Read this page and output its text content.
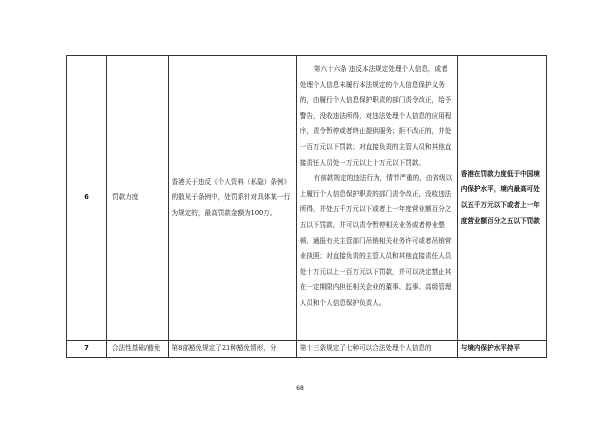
6	罚款力度	香港关于违反《个人资料（私隐）条例》的散见于条例中，处罚系针对具体某一行为规定的，最高罚款金额为100万。	第六十六条 违反本法规定处理个人信息，或者处理个人信息未履行本法规定的个人信息保护义务的，由履行个人信息保护职责的部门责令改正，给予警告，没收违法所得，对违法处理个人信息的应用程序，责令暂停或者终止提供服务；拒不改正的，并处一百万元以下罚款；对直接负责的主管人员和其他直接责任人员处一万元以上十万元以下罚款。
有前款规定的违法行为，情节严重的，由省级以上履行个人信息保护职责的部门责令改正，没收违法所得，并处五千万元以下或者上一年度营业额百分之五以下罚款，并可以责令暂停相关业务或者停业整顿、通报有关主管部门吊销相关业务许可或者吊销营业执照；对直接负责的主管人员和其他直接责任人员处十万元以上一百万元以下罚款，并可以决定禁止其在一定期限内担任相关企业的董事、监事、高级管理人员和个人信息保护负责人。	香港在罚款力度低于中国境内保护水平，境内最高可处以五千万元以下或者上一年度营业额百分之五以下罚款
7	合法性基础/豁免	第8部豁免规定了21种豁免情形，分	第十三条规定了七种可以合法处理个人信息的	与境内保护水平持平
68
